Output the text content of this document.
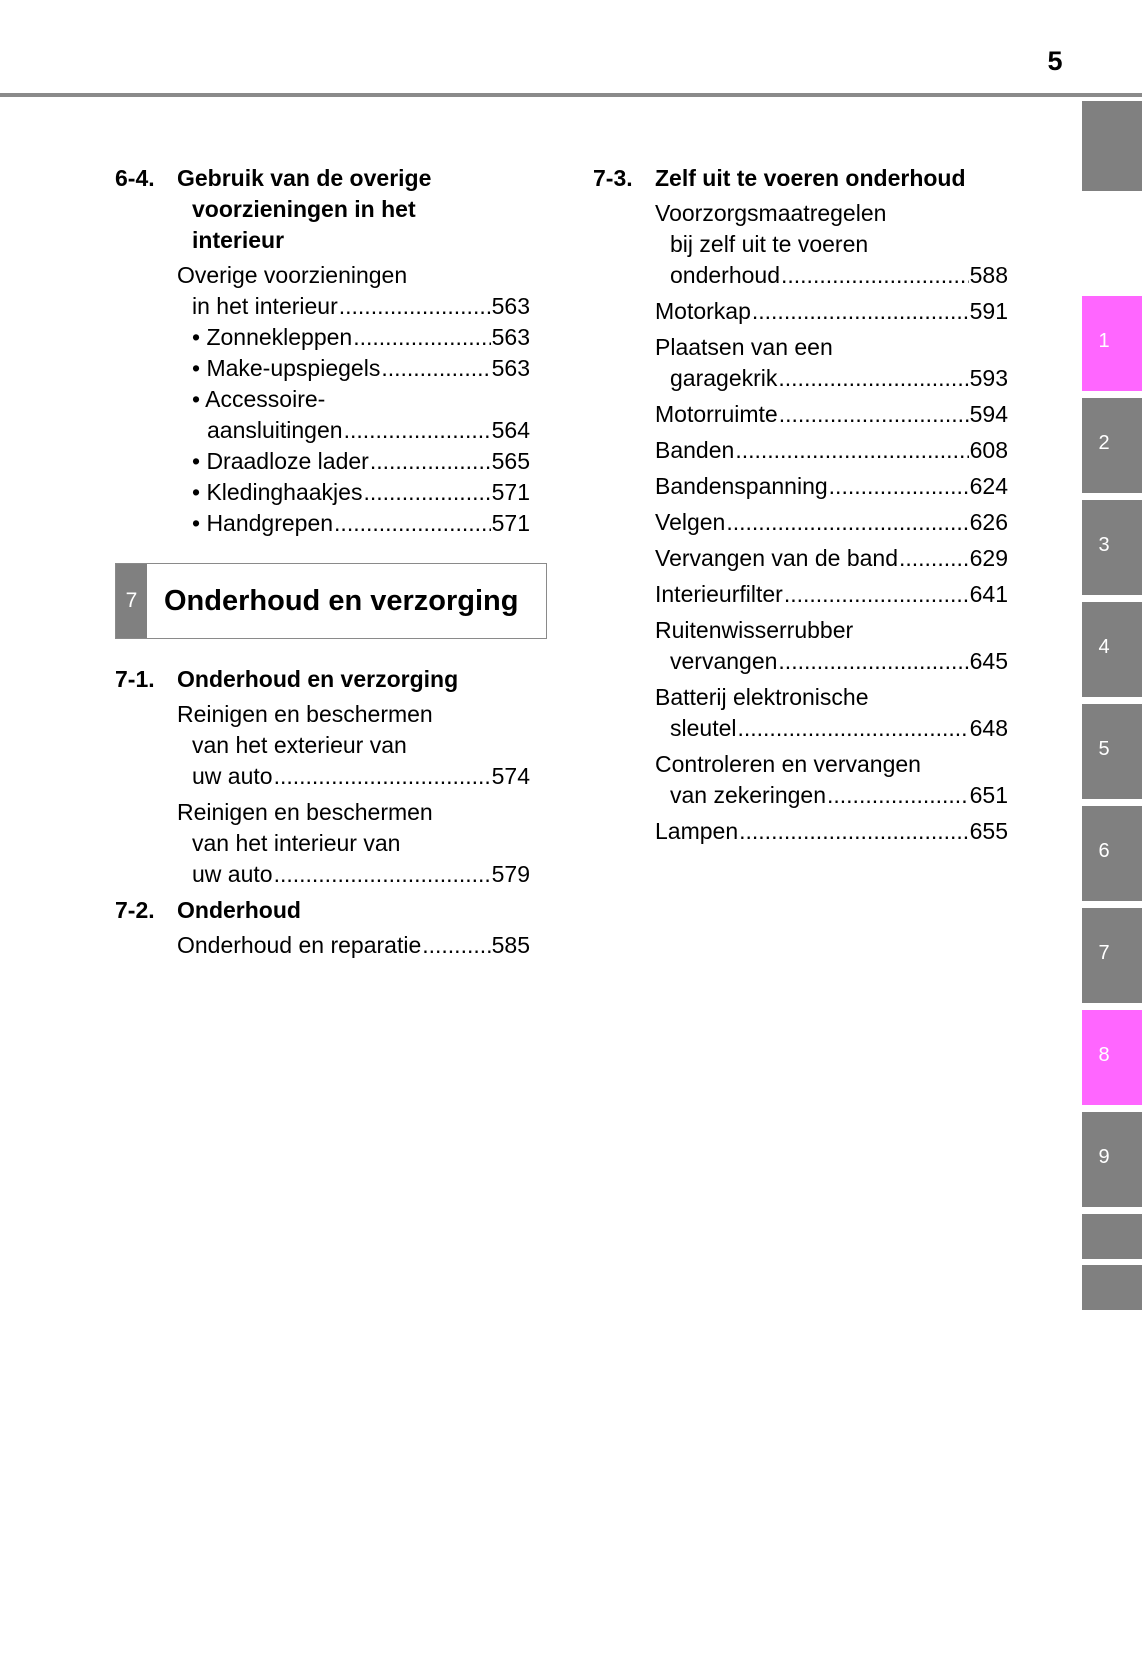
5
1
2
3
4
5
6
7
8
9
6-4. Gebruik van de overige
voorzieningen in het
interieur
Overige voorzieningen
in het interieur .....	563
• Zonnekleppen .....	563
• Make-upspiegels .....	563
• Accessoire-
aansluitingen .....	564
• Draadloze lader .....	565
• Kledinghaakjes .....	571
• Handgrepen .....	571
7 Onderhoud en verzorging
7-1. Onderhoud en verzorging
Reinigen en beschermen
van het exterieur van
uw auto .....	574
Reinigen en beschermen
van het interieur van
uw auto .....	579
7-2. Onderhoud
Onderhoud en reparatie .....	585
7-3. Zelf uit te voeren onderhoud
Voorzorgsmaatregelen
bij zelf uit te voeren
onderhoud .....	588
Motorkap .....	591
Plaatsen van een
garagekrik .....	593
Motorruimte .....	594
Banden .....	608
Bandenspanning .....	624
Velgen .....	626
Vervangen van de band .....	629
Interieurfilter .....	641
Ruitenwisserrubber
vervangen .....	645
Batterij elektronische
sleutel .....	648
Controleren en vervangen
van zekeringen .....	651
Lampen .....	655
